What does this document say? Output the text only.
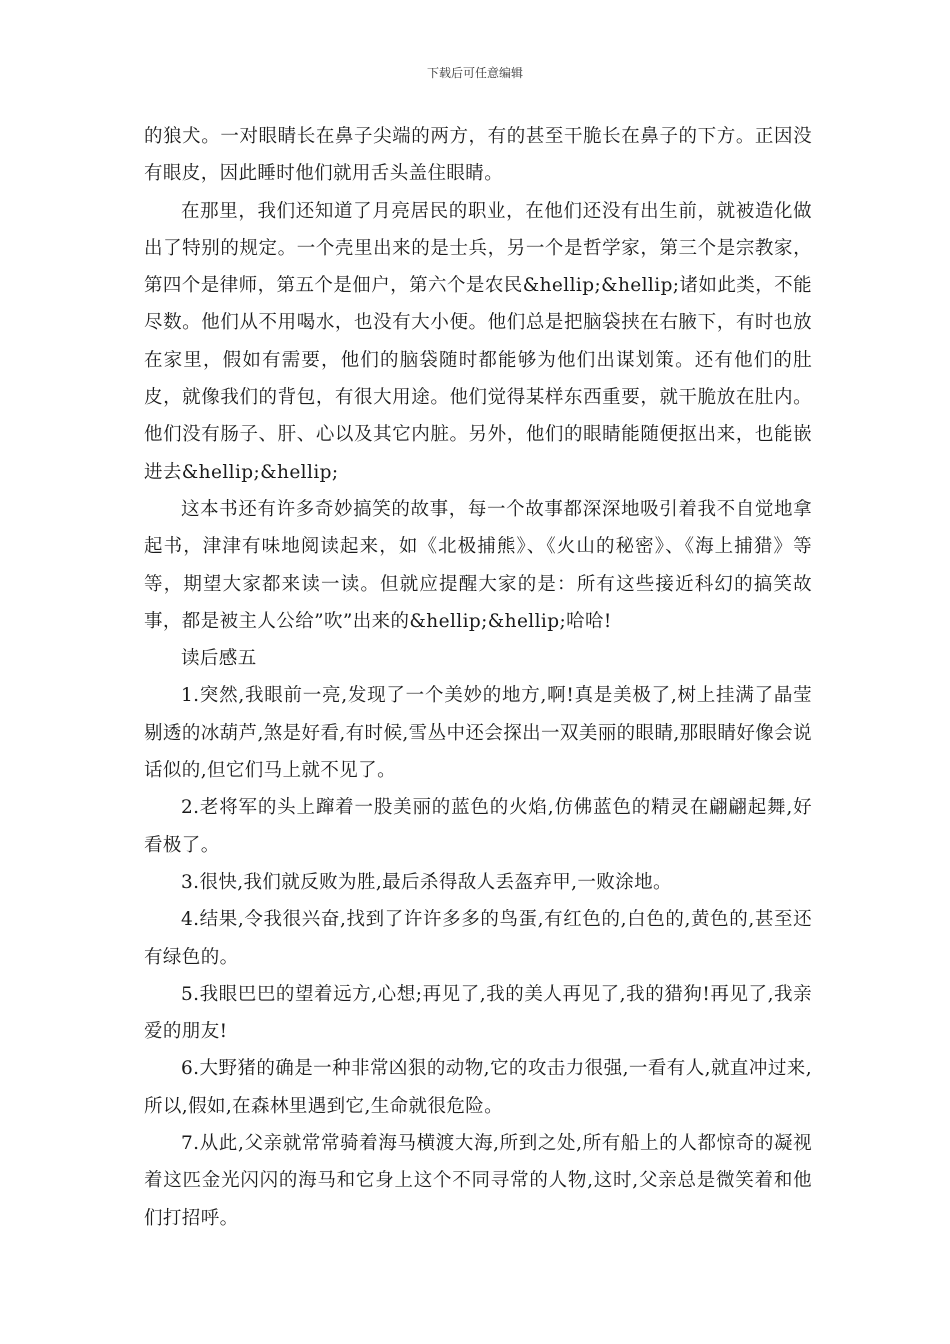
下载后可任意编辑

的狼犬。一对眼睛长在鼻子尖端的两方，有的甚至干脆长在鼻子的下方。正因没有眼皮，因此睡时他们就用舌头盖住眼睛。

在那里，我们还知道了月亮居民的职业，在他们还没有出生前，就被造化做出了特别的规定。一个壳里出来的是士兵，另一个是哲学家，第三个是宗教家，第四个是律师，第五个是佃户，第六个是农民&hellip;&hellip;诸如此类，不能尽数。他们从不用喝水，也没有大小便。他们总是把脑袋挟在右腋下，有时也放在家里，假如有需要，他们的脑袋随时都能够为他们出谋划策。还有他们的肚皮，就像我们的背包，有很大用途。他们觉得某样东西重要，就干脆放在肚内。他们没有肠子、肝、心以及其它内脏。另外，他们的眼睛能随便抠出来，也能嵌进去&hellip;&hellip;

这本书还有许多奇妙搞笑的故事，每一个故事都深深地吸引着我不自觉地拿起书，津津有味地阅读起来，如《北极捕熊》、《火山的秘密》、《海上捕猎》等等，期望大家都来读一读。但就应提醒大家的是：所有这些接近科幻的搞笑故事，都是被主人公给”吹”出来的&hellip;&hellip;哈哈!

读后感五

1.突然,我眼前一亮,发现了一个美妙的地方,啊!真是美极了,树上挂满了晶莹剔透的冰葫芦,煞是好看,有时候,雪丛中还会探出一双美丽的眼睛,那眼睛好像会说话似的,但它们马上就不见了。

2.老将军的头上蹿着一股美丽的蓝色的火焰,仿佛蓝色的精灵在翩翩起舞,好看极了。

3.很快,我们就反败为胜,最后杀得敌人丢盔弃甲,一败涂地。

4.结果,令我很兴奋,找到了许许多多的鸟蛋,有红色的,白色的,黄色的,甚至还有绿色的。

5.我眼巴巴的望着远方,心想;再见了,我的美人再见了,我的猎狗!再见了,我亲爱的朋友!

6.大野猪的确是一种非常凶狠的动物,它的攻击力很强,一看有人,就直冲过来,所以,假如,在森林里遇到它,生命就很危险。

7.从此,父亲就常常骑着海马横渡大海,所到之处,所有船上的人都惊奇的凝视着这匹金光闪闪的海马和它身上这个不同寻常的人物,这时,父亲总是微笑着和他们打招呼。
